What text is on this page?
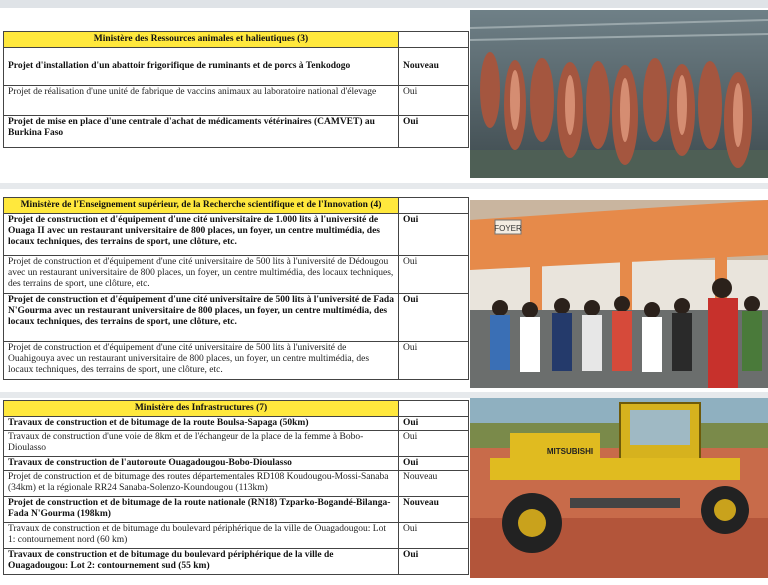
Ministère des Ressources animales et halieutiques (3)	
Projet d'installation d'un abattoir frigorifique de ruminants et de porcs à Tenkodogo	Nouveau
Projet de réalisation d'une unité de fabrique de vaccins animaux au laboratoire national d'élevage	Oui
Projet de mise en place d'une centrale d'achat de médicaments vétérinaires (CAMVET) au Burkina Faso	Oui
Ministère de l'Enseignement supérieur, de la Recherche scientifique et de l'Innovation (4)	
Projet de construction et d'équipement d'une cité universitaire de 1.000 lits à l'université de Ouaga II avec un restaurant universitaire de 800 places, un foyer, un centre multimédia, des locaux techniques, des terrains de sport, une clôture, etc.	Oui
Projet de construction et d'équipement d'une cité universitaire de 500 lits à l'université de Dédougou avec un restaurant universitaire de 800 places, un foyer, un centre multimédia, des locaux techniques, des terrains de sport, une clôture, etc.	Oui
Projet de construction et d'équipement d'une cité universitaire de 500 lits à l'université de Fada N'Gourma avec un restaurant universitaire de 800 places, un foyer, un centre multimédia, des locaux techniques, des terrains de sport, une clôture, etc.	Oui
Projet de construction et d'équipement d'une cité universitaire de 500 lits à l'université de Ouahigouya avec un restaurant universitaire de 800 places, un foyer, un centre multimédia, des locaux techniques, des terrains de sport, une clôture, etc.	Oui
FOYER
Ministère des Infrastructures (7)	
Travaux de construction et de bitumage de la route Boulsa-Sapaga (50km)	Oui
Travaux de construction d'une voie de 8km et de l'échangeur de la place de la femme à Bobo-Dioulasso	Oui
Travaux de construction de l'autoroute Ouagadougou-Bobo-Dioulasso	Oui
Projet de construction et de bitumage des routes départementales RD108 Koudougou-Mossi-Sanaba (34km) et la régionale RR24 Sanaba-Solenzo-Koundougou (113km)	Nouveau
Projet de construction et de bitumage de la route nationale (RN18) Tzparko-Bogandé-Bilanga-Fada N'Gourma (198km)	Nouveau
Travaux de construction et de bitumage du boulevard périphérique de la ville de Ouagadougou: Lot 1: contournement nord (60 km)	Oui
Travaux de construction et de bitumage du boulevard périphérique de la ville de Ouagadougou: Lot 2: contournement sud (55 km)	Oui
MITSUBISHI
